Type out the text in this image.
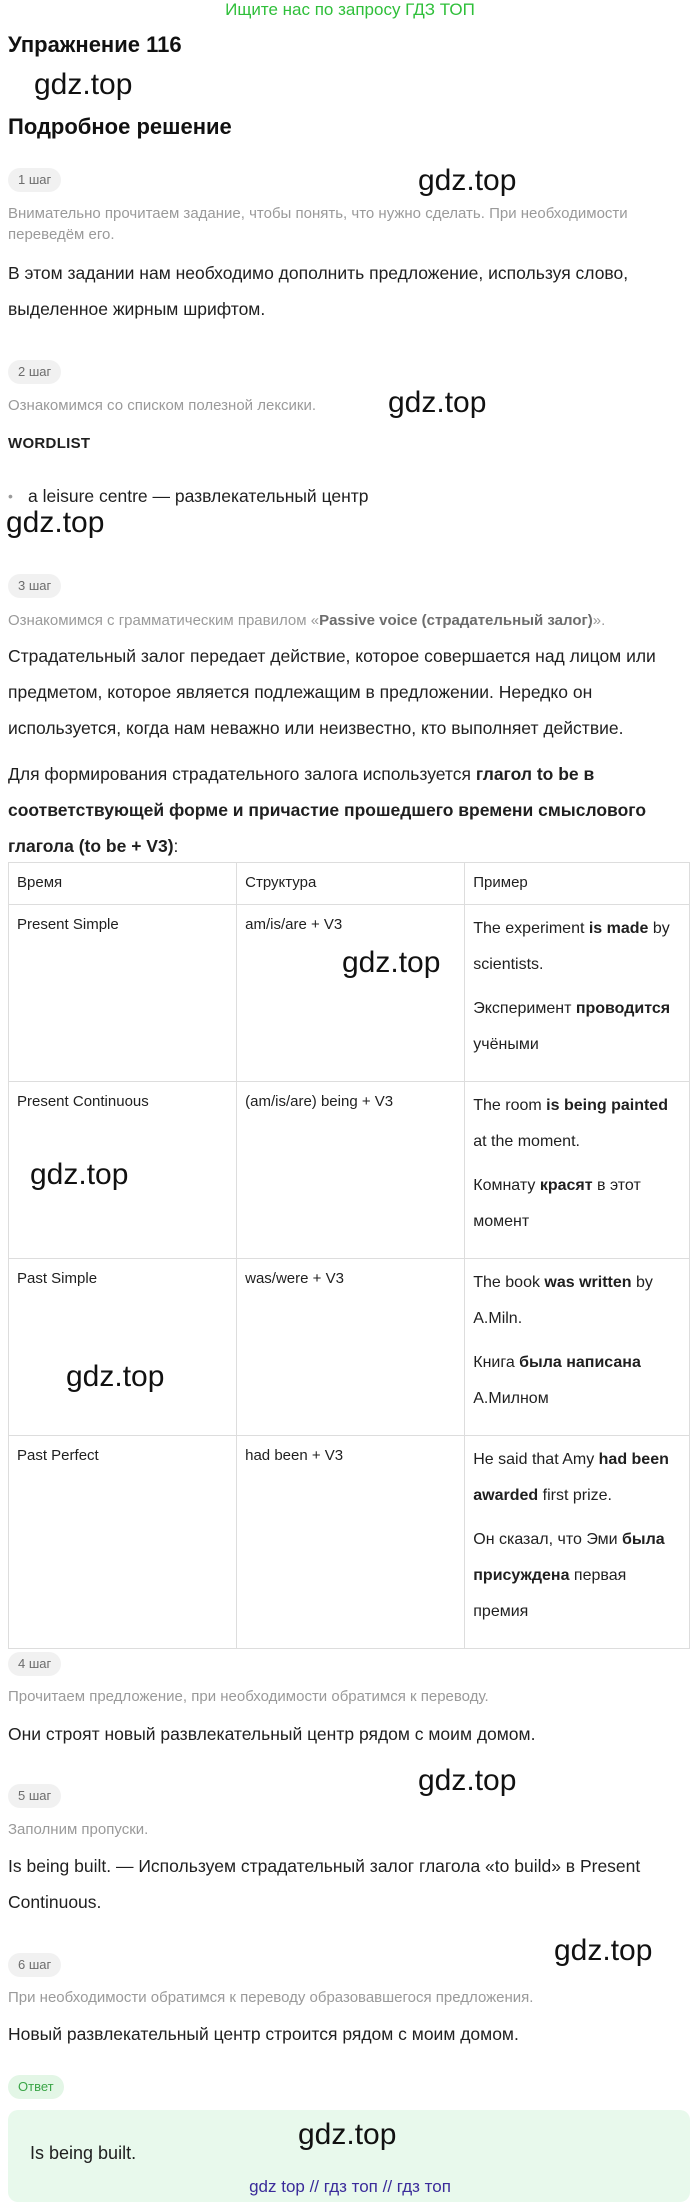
Ищите нас по запросу ГДЗ ТОП
Упражнение 116
gdz.top
Подробное решение
1 шаг	gdz.top
Внимательно прочитаем задание, чтобы понять, что нужно сделать. При необходимости переведём его.
В этом задании нам необходимо дополнить предложение, используя слово, выделенное жирным шрифтом.
2 шаг
Ознакомимся со списком полезной лексики.	gdz.top
WORDLIST
• a leisure centre — развлекательный центр
gdz.top
3 шаг
Ознакомимся с грамматическим правилом «Passive voice (страдательный залог)».
Страдательный залог передает действие, которое совершается над лицом или предметом, которое является подлежащим в предложении. Нередко он используется, когда нам неважно или неизвестно, кто выполняет действие.
Для формирования страдательного залога используется глагол to be в соответствующей форме и причастие прошедшего времени смыслового глагола (to be + V3):
Время	Структура	Пример
Present Simple	am/is/are + V3	The experiment is made by scientists.

Эксперимент проводится учёными

Present Continuous	(am/is/are) being + V3	The room is being painted at the moment.

Комнату красят в этот момент

Past Simple	was/were + V3	The book was written by A.Miln.

Книга была написана А.Милном

Past Perfect	had been + V3	He said that Amy had been awarded first prize.

Он сказал, что Эми была присуждена первая премия

gdz.top
gdz.top
gdz.top
4 шаг
Прочитаем предложение, при необходимости обратимся к переводу.
Они строят новый развлекательный центр рядом с моим домом.
5 шаг	gdz.top
Заполним пропуски.
Is being built. — Используем страдательный залог глагола «to build» в Present Continuous.
6 шаг	gdz.top
При необходимости обратимся к переводу образовавшегося предложения.
Новый развлекательный центр строится рядом с моим домом.
Ответ
Is being built.
gdz.top
gdz top // гдз топ // гдз топ
